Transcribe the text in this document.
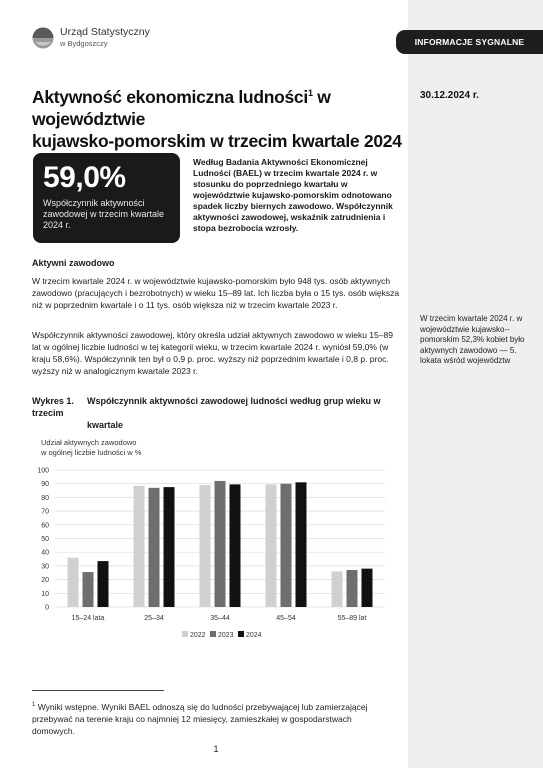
Urząd Statystyczny
w Bydgoszczy	INFORMACJE SYGNALNE
Aktywność ekonomiczna ludności$^1$ w województwie
kujawsko-pomorskim w trzecim kwartale 2024
30.12.2024 r.
59,0%
Współczynnik aktywności zawodowej w trzecim kwartale 2024 r.
Według Badania Aktywności Ekonomicznej Ludności (BAEL) w trzecim kwartale 2024 r. w stosunku do poprzedniego kwartału w województwie kujawsko-pomorskim odnotowano spadek liczby biernych zawodowo. Współczynnik aktywności zawodowej, wskaźnik zatrudnienia i stopa bezrobocia wzrosły.
Aktywni zawodowo
W trzecim kwartale 2024 r. w województwie kujawsko-pomorskim było 948 tys. osób aktywnych zawodowo (pracujących i bezrobotnych) w wieku 15–89 lat. Ich liczba była o 15 tys. osób większa niż w poprzednim kwartale i o 11 tys. osób większa niż w trzecim kwartale 2023 r.
Współczynnik aktywności zawodowej, który określa udział aktywnych zawodowo w wieku 15–89 lat w ogólnej liczbie ludności w tej kategorii wieku, w trzecim kwartale 2024 r. wyniósł 59,0% (w kraju 58,6%). Współczynnik ten był o 0,9 p. proc. wyższy niż poprzednim kwartale i 0,8 p. proc. wyższy niż w analogicznym kwartale 2023 r.
W trzecim kwartale 2024 r. w województwie kujawsko--pomorskim 52,3% kobiet było aktywnych zawodowo — 5. lokata wśród województw
Wykres 1. Współczynnik aktywności zawodowej ludności według grup wieku w trzecim
kwartale
Udział aktywnych zawodowo
w ogólnej liczbie ludności w %
0
10
20
30
40
50
60
70
80
90
100
15–24 lata	25–34	35–44	45–54	55–89 lat
2022 2023 2024
$^1$ Wyniki wstępne. Wyniki BAEL odnoszą się do ludności przebywającej lub zamierzającej przebywać na terenie kraju co najmniej 12 miesięcy, zamieszkałej w gospodarstwach domowych.
1
